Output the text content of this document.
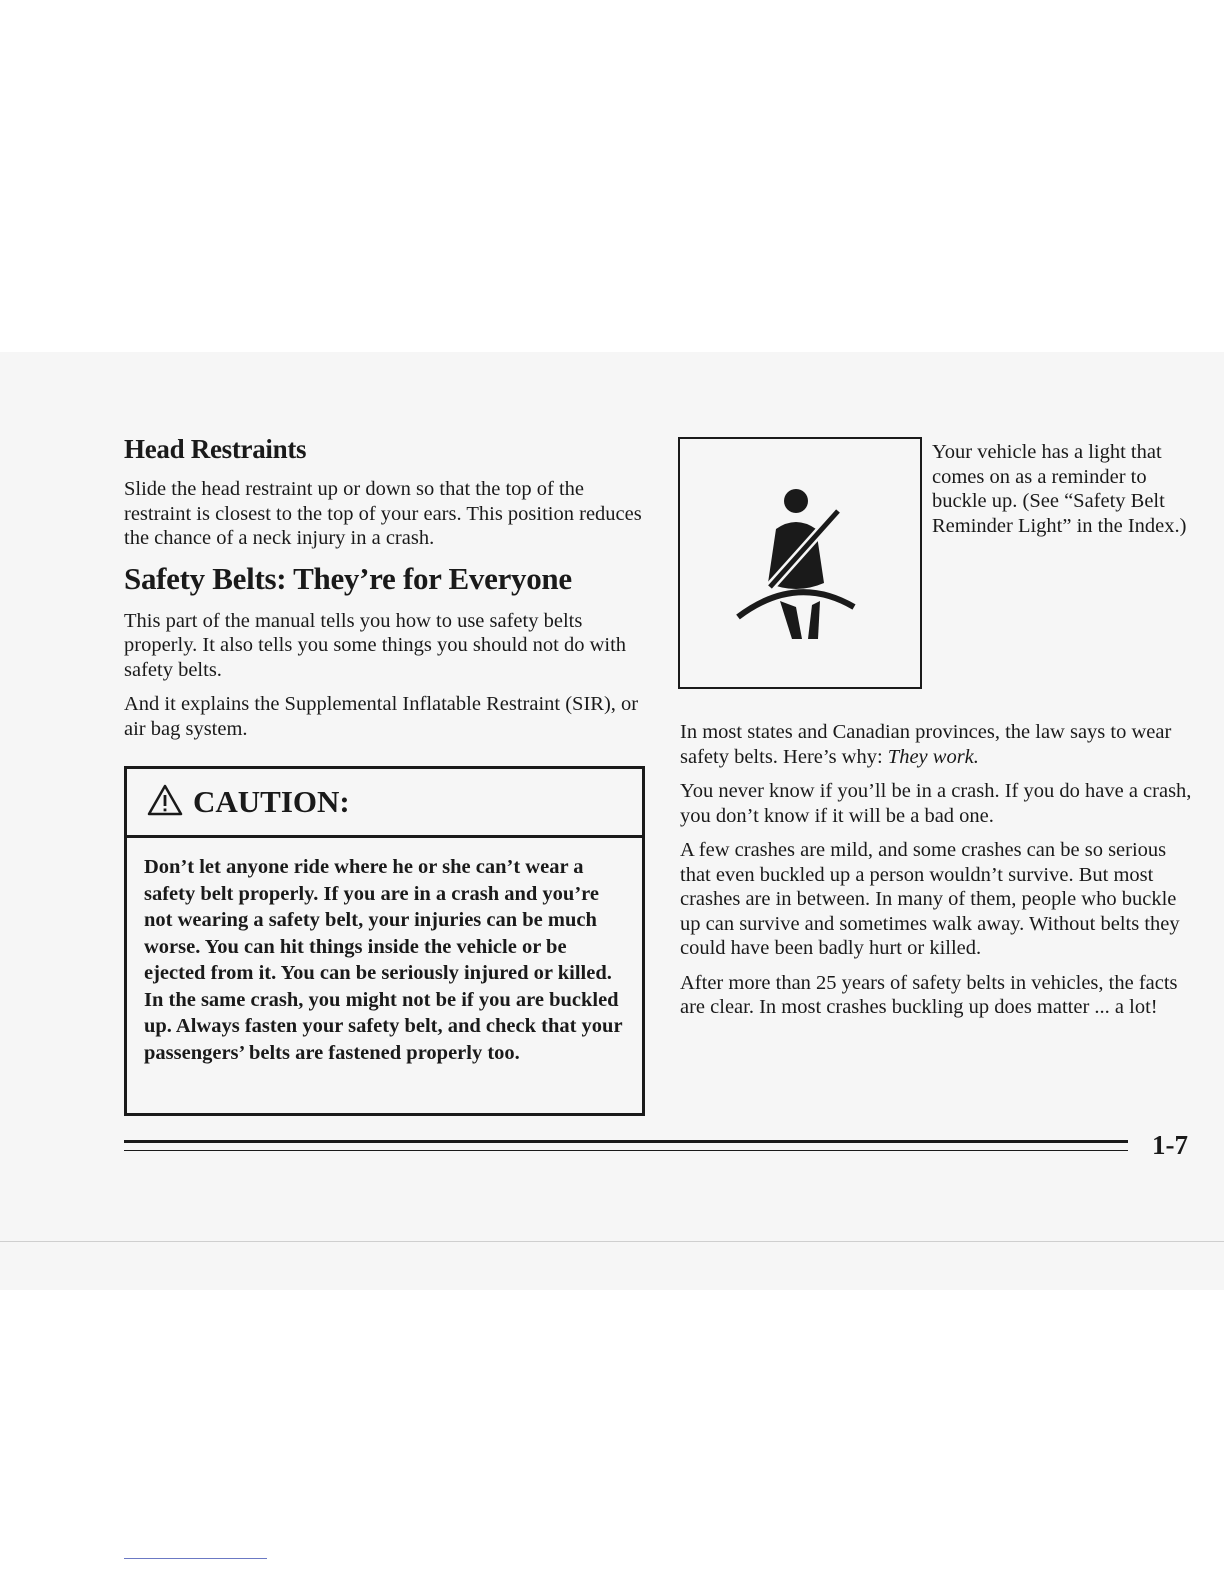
Head Restraints

Slide the head restraint up or down so that the top of the restraint is closest to the top of your ears. This position reduces the chance of a neck injury in a crash.

Safety Belts: They’re for Everyone

This part of the manual tells you how to use safety belts properly. It also tells you some things you should not do with safety belts.

And it explains the Supplemental Inflatable Restraint (SIR), or air bag system.

CAUTION:
Don’t let anyone ride where he or she can’t wear a safety belt properly. If you are in a crash and you’re not wearing a safety belt, your injuries can be much worse. You can hit things inside the vehicle or be ejected from it. You can be seriously injured or killed. In the same crash, you might not be if you are buckled up. Always fasten your safety belt, and check that your passengers’ belts are fastened properly too.
Your vehicle has a light that comes on as a reminder to buckle up. (See “Safety Belt Reminder Light” in the Index.)

In most states and Canadian provinces, the law says to wear safety belts. Here’s why: They work.

You never know if you’ll be in a crash. If you do have a crash, you don’t know if it will be a bad one.

A few crashes are mild, and some crashes can be so serious that even buckled up a person wouldn’t survive. But most crashes are in between. In many of them, people who buckle up can survive and sometimes walk away. Without belts they could have been badly hurt or killed.

After more than 25 years of safety belts in vehicles, the facts are clear. In most crashes buckling up does matter ... a lot!

1-7
